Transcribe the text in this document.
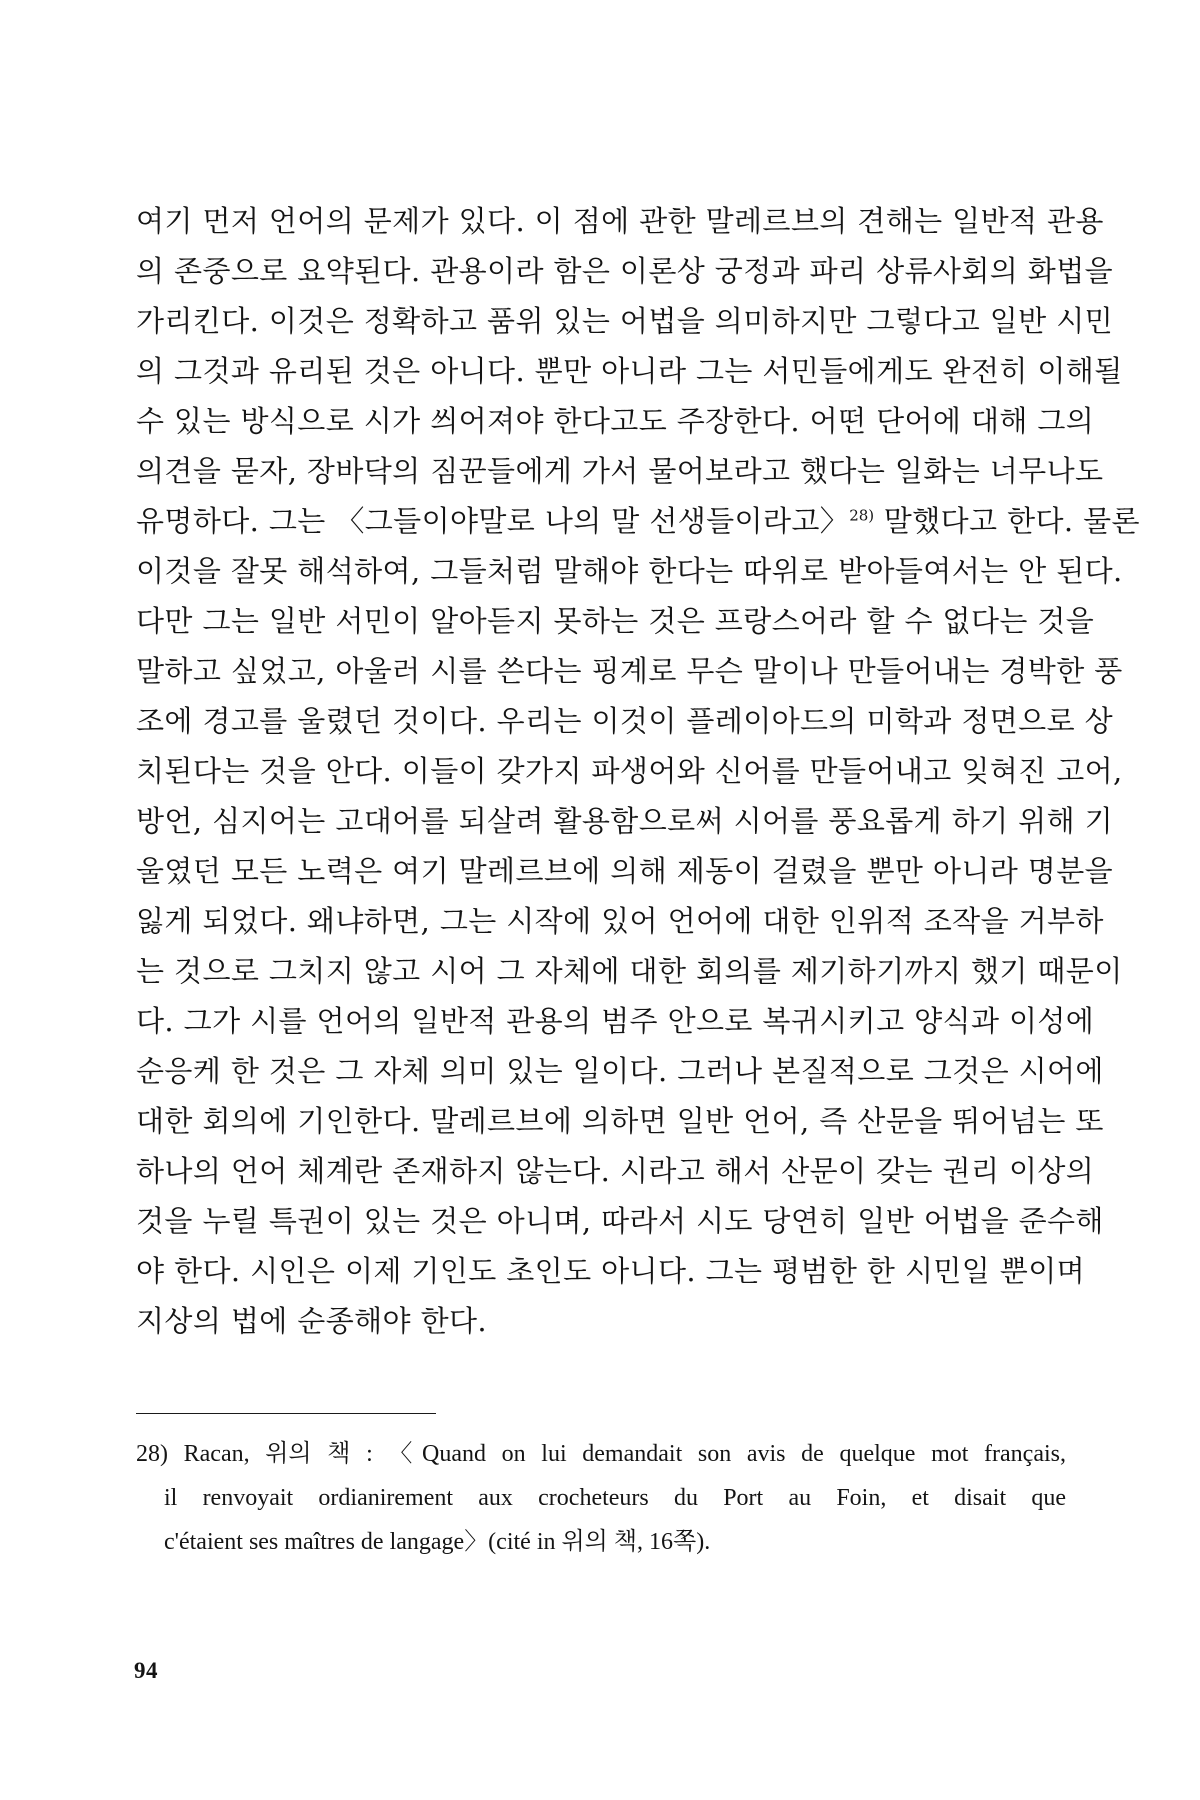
여기 먼저 언어의 문제가 있다. 이 점에 관한 말레르브의 견해는 일반적 관용
의 존중으로 요약된다. 관용이라 함은 이론상 궁정과 파리 상류사회의 화법을
가리킨다. 이것은 정확하고 품위 있는 어법을 의미하지만 그렇다고 일반 시민
의 그것과 유리된 것은 아니다. 뿐만 아니라 그는 서민들에게도 완전히 이해될
수 있는 방식으로 시가 씌어져야 한다고도 주장한다. 어떤 단어에 대해 그의
의견을 묻자, 장바닥의 짐꾼들에게 가서 물어보라고 했다는 일화는 너무나도
유명하다. 그는 〈그들이야말로 나의 말 선생들이라고〉$^{28)}$ 말했다고 한다. 물론
이것을 잘못 해석하여, 그들처럼 말해야 한다는 따위로 받아들여서는 안 된다.
다만 그는 일반 서민이 알아듣지 못하는 것은 프랑스어라 할 수 없다는 것을
말하고 싶었고, 아울러 시를 쓴다는 핑계로 무슨 말이나 만들어내는 경박한 풍
조에 경고를 울렸던 것이다. 우리는 이것이 플레이아드의 미학과 정면으로 상
치된다는 것을 안다. 이들이 갖가지 파생어와 신어를 만들어내고 잊혀진 고어,
방언, 심지어는 고대어를 되살려 활용함으로써 시어를 풍요롭게 하기 위해 기
울였던 모든 노력은 여기 말레르브에 의해 제동이 걸렸을 뿐만 아니라 명분을
잃게 되었다. 왜냐하면, 그는 시작에 있어 언어에 대한 인위적 조작을 거부하
는 것으로 그치지 않고 시어 그 자체에 대한 회의를 제기하기까지 했기 때문이
다. 그가 시를 언어의 일반적 관용의 범주 안으로 복귀시키고 양식과 이성에
순응케 한 것은 그 자체 의미 있는 일이다. 그러나 본질적으로 그것은 시어에
대한 회의에 기인한다. 말레르브에 의하면 일반 언어, 즉 산문을 뛰어넘는 또
하나의 언어 체계란 존재하지 않는다. 시라고 해서 산문이 갖는 권리 이상의
것을 누릴 특권이 있는 것은 아니며, 따라서 시도 당연히 일반 어법을 준수해
야 한다. 시인은 이제 기인도 초인도 아니다. 그는 평범한 한 시민일 뿐이며
지상의 법에 순종해야 한다.
28) Racan, 위의 책 : 〈Quand on lui demandait son avis de quelque mot français,
il renvoyait ordianirement aux crocheteurs du Port au Foin, et disait que
c'étaient ses maîtres de langage〉(cité in 위의 책, 16쪽).
94
